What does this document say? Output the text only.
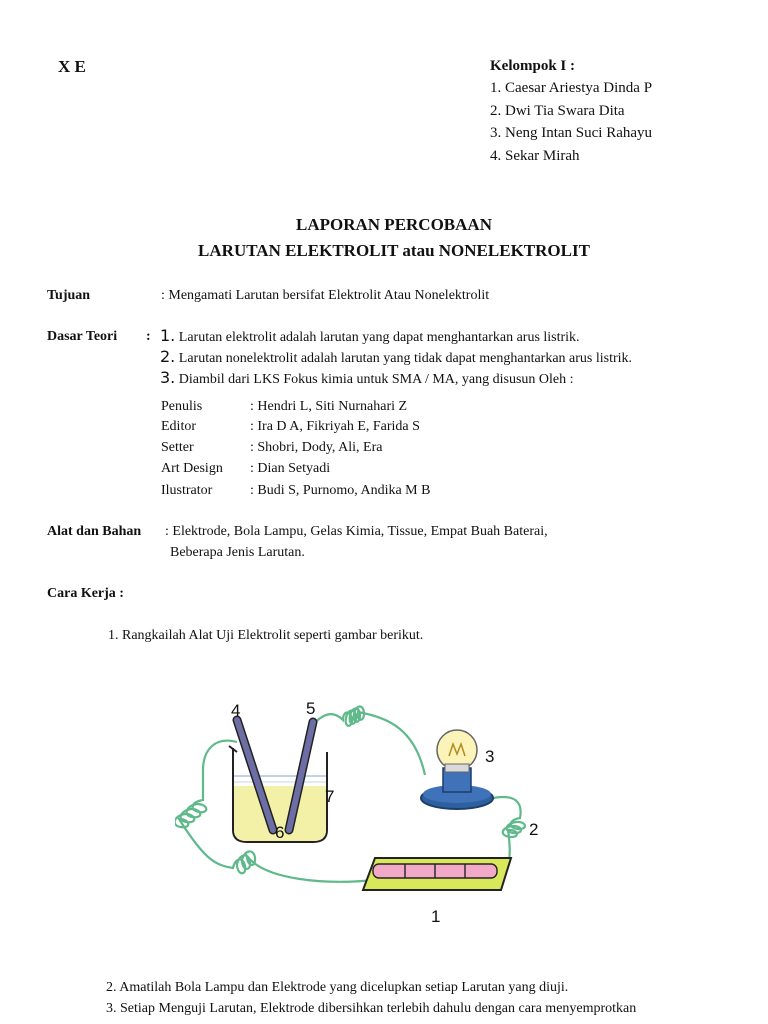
X E	Kelompok I :
1. Caesar Ariestya Dinda P
2. Dwi Tia Swara Dita
3. Neng Intan Suci Rahayu
4. Sekar Mirah
LAPORAN PERCOBAAN
LARUTAN ELEKTROLIT atau NONELEKTROLIT
Tujuan	: Mengamati Larutan bersifat Elektrolit Atau Nonelektrolit
Dasar Teori : 1. Larutan elektrolit adalah larutan yang dapat menghantarkan arus listrik.
2. Larutan nonelektrolit adalah larutan yang tidak dapat menghantarkan arus listrik.
3. Diambil dari LKS Fokus kimia untuk SMA / MA, yang disusun Oleh :
Penulis	: Hendri L, Siti Nurnahari Z
Editor	: Ira D A, Fikriyah E, Farida S
Setter	: Shobri, Dody, Ali, Era
Art Design : Dian Setyadi
Ilustrator	: Budi S, Purnomo, Andika M B
Alat dan Bahan : Elektrode, Bola Lampu, Gelas Kimia, Tissue, Empat Buah Baterai,
Beberapa Jenis Larutan.
Cara Kerja :
1. Rangkailah Alat Uji Elektrolit seperti gambar berikut.
1
2
3
4	5
6
7
2. Amatilah Bola Lampu dan Elektrode yang dicelupkan setiap Larutan yang diuji.
3. Setiap Menguji Larutan, Elektrode dibersihkan terlebih dahulu dengan cara menyemprotkan
